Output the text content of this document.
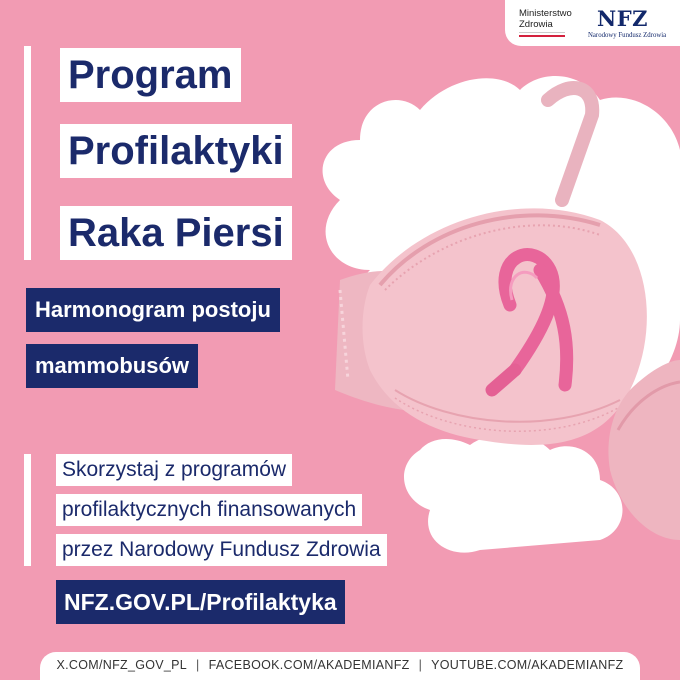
Ministerstwo
Zdrowia	NFZ
Narodowy Fundusz Zdrowia
Program
Profilaktyki
Raka Piersi
Harmonogram postoju
mammobusów
Skorzystaj z programów
profilaktycznych finansowanych
przez Narodowy Fundusz Zdrowia
NFZ.GOV.PL/Profilaktyka
X.COM/NFZ_GOV_PL | FACEBOOK.COM/AKADEMIANFZ | YOUTUBE.COM/AKADEMIANFZ
